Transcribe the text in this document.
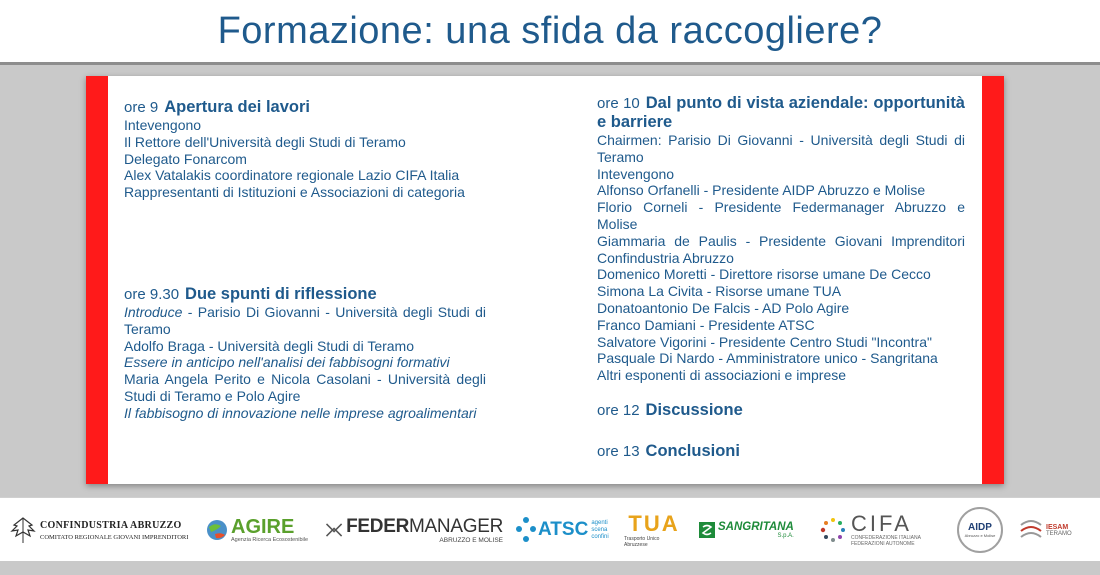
Formazione: una sfida da raccogliere?
ore 9 Apertura dei lavori
Intevengono
Il Rettore dell'Università degli Studi di Teramo
Delegato Fonarcom
Alex Vatalakis coordinatore regionale Lazio CIFA Italia
Rappresentanti di Istituzioni e Associazioni di categoria
ore 9.30 Due spunti di riflessione
Introduce - Parisio Di Giovanni - Università degli Studi di Teramo
Adolfo Braga - Università degli Studi di Teramo
Essere in anticipo nell'analisi dei fabbisogni formativi
Maria Angela Perito e Nicola Casolani - Università degli Studi di Teramo e Polo Agire
Il fabbisogno di innovazione nelle imprese agroalimentari
ore 10 Dal punto di vista aziendale: opportunità e barriere
Chairmen: Parisio Di Giovanni - Università degli Studi di Teramo
Intevengono
Alfonso Orfanelli - Presidente AIDP Abruzzo e Molise
Florio Corneli - Presidente Federmanager Abruzzo e Molise
Giammaria de Paulis - Presidente Giovani Imprenditori Confindustria Abruzzo
Domenico Moretti - Direttore risorse umane De Cecco
Simona La Civita - Risorse umane TUA
Donatoantonio De Falcis - AD Polo Agire
Franco Damiani - Presidente ATSC
Salvatore Vigorini - Presidente Centro Studi "Incontra"
Pasquale Di Nardo - Amministratore unico - Sangritana
Altri esponenti di associazioni e imprese
ore 12 Discussione
ore 13 Conclusioni
CONFINDUSTRIA ABRUZZO
COMITATO REGIONALE GIOVANI IMPRENDITORI AGIRE
Agenzia Ricerca Ecosostenibile
FEDERMANAGER
ABRUZZO E MOLISE ATSC agenti
scena
confini
TUA
Trasporto Unico Abruzzese
SANGRITANA
S.p.A.	CIFA
CONFEDERAZIONE ITALIANA
FEDERAZIONI AUTONOME
AIDP
Abruzzo e Molise
IESAM
TERAMO
